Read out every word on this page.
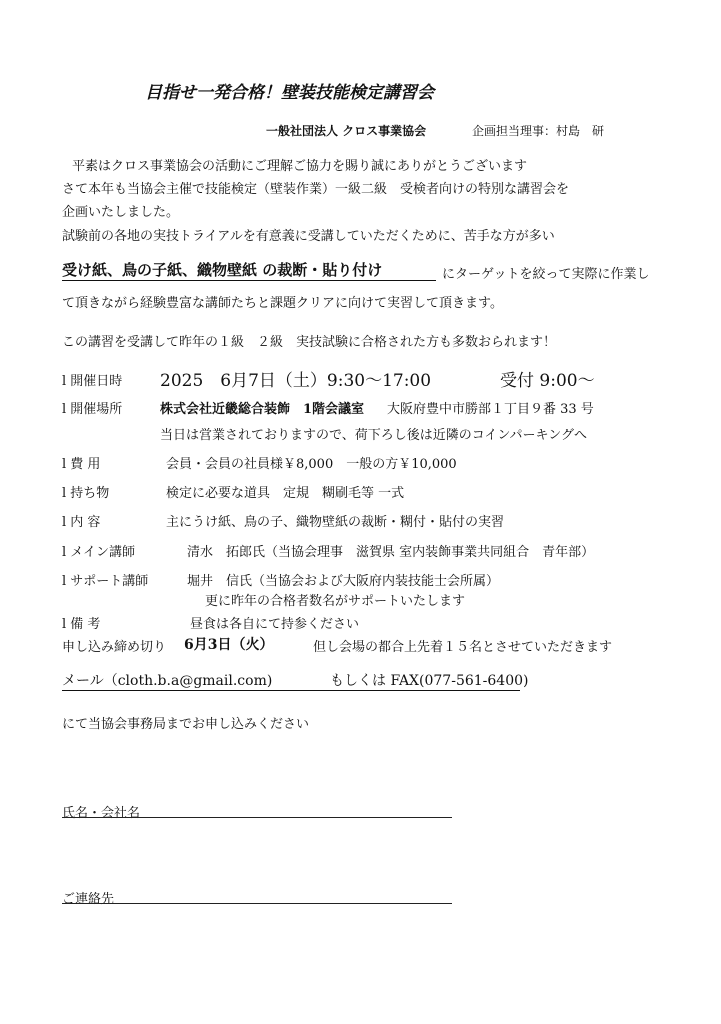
目指せ一発合格！壁装技能検定講習会
一般社団法人 クロス事業協会	企画担当理事：村島　研
平素はクロス事業協会の活動にご理解ご協力を賜り誠にありがとうございます
さて本年も当協会主催で技能検定（壁装作業）一級二級　受検者向けの特別な講習会を
企画いたしました。
試験前の各地の実技トライアルを有意義に受講していただくために、苦手な方が多い
受け紙、鳥の子紙、織物壁紙 の裁断・貼り付け	にターゲットを絞って実際に作業し
て頂きながら経験豊富な講師たちと課題クリアに向けて実習して頂きます。
この講習を受講して昨年の１級　２級　実技試験に合格された方も多数おられます！
l 開催日時 2025　6月7日（土）9:30～17:00	受付 9:00～
l 開催場所	株式会社近畿総合装飾　1階会議室 大阪府豊中市勝部１丁目９番 33 号
当日は営業されておりますので、荷下ろし後は近隣のコインパーキングへ
l 費 用	会員・会員の社員様￥8,000　一般の方￥10,000
l 持ち物	検定に必要な道具　定規　糊刷毛等 一式
l 内 容	主にうけ紙、鳥の子、織物壁紙の裁断・糊付・貼付の実習
l メイン講師	清水　拓郎氏（当協会理事　滋賀県 室内装飾事業共同組合　青年部）
l サポート講師	堀井　信氏（当協会および大阪府内装技能士会所属）
更に昨年の合格者数名がサポートいたします
l 備 考	昼食は各自にて持参ください
申し込み締め切り 6月3日（火）	但し会場の都合上先着１５名とさせていただきます
メール（cloth.b.a@gmail.com)	もしくは FAX(077-561-6400)
にて当協会事務局までお申し込みください
氏名・会社名
ご連絡先
